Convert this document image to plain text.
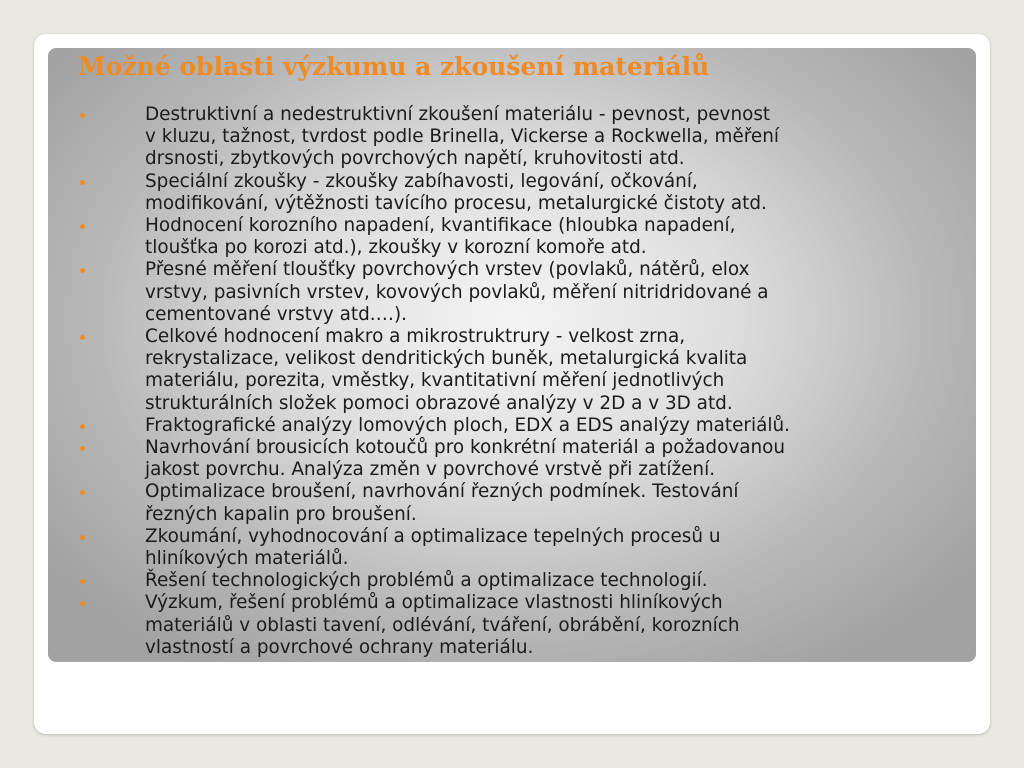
Možné oblasti výzkumu a zkoušení materiálů
Destruktivní a nedestruktivní zkoušení materiálu - pevnost, pevnost
v kluzu, tažnost, tvrdost podle Brinella, Vickerse a Rockwella, měření
drsnosti, zbytkových povrchových napětí, kruhovitosti atd.
Speciální zkoušky - zkoušky zabíhavosti, legování, očkování,
modifikování, výtěžnosti tavícího procesu, metalurgické čistoty atd.
Hodnocení korozního napadení, kvantifikace (hloubka napadení,
tloušťka po korozi atd.), zkoušky v korozní komoře atd.
Přesné měření tloušťky povrchových vrstev (povlaků, nátěrů, elox
vrstvy, pasivních vrstev, kovových povlaků, měření nitridridované a
cementované vrstvy atd.…).
Celkové hodnocení makro a mikrostruktrury - velkost zrna,
rekrystalizace, velikost dendritických buněk, metalurgická kvalita
materiálu, porezita, vměstky, kvantitativní měření jednotlivých
strukturálních složek pomoci obrazové analýzy v 2D a v 3D atd.
Fraktografické analýzy lomových ploch, EDX a EDS analýzy materiálů.
Navrhování brousicích kotoučů pro konkrétní materiál a požadovanou
jakost povrchu. Analýza změn v povrchové vrstvě při zatížení.
Optimalizace broušení, navrhování řezných podmínek. Testování
řezných kapalin pro broušení.
Zkoumání, vyhodnocování a optimalizace tepelných procesů u
hliníkových materiálů.
Řešení technologických problémů a optimalizace technologií.
Výzkum, řešení problémů a optimalizace vlastnosti hliníkových
materiálů v oblasti tavení, odlévání, tváření, obrábění, korozních
vlastností a povrchové ochrany materiálu.
